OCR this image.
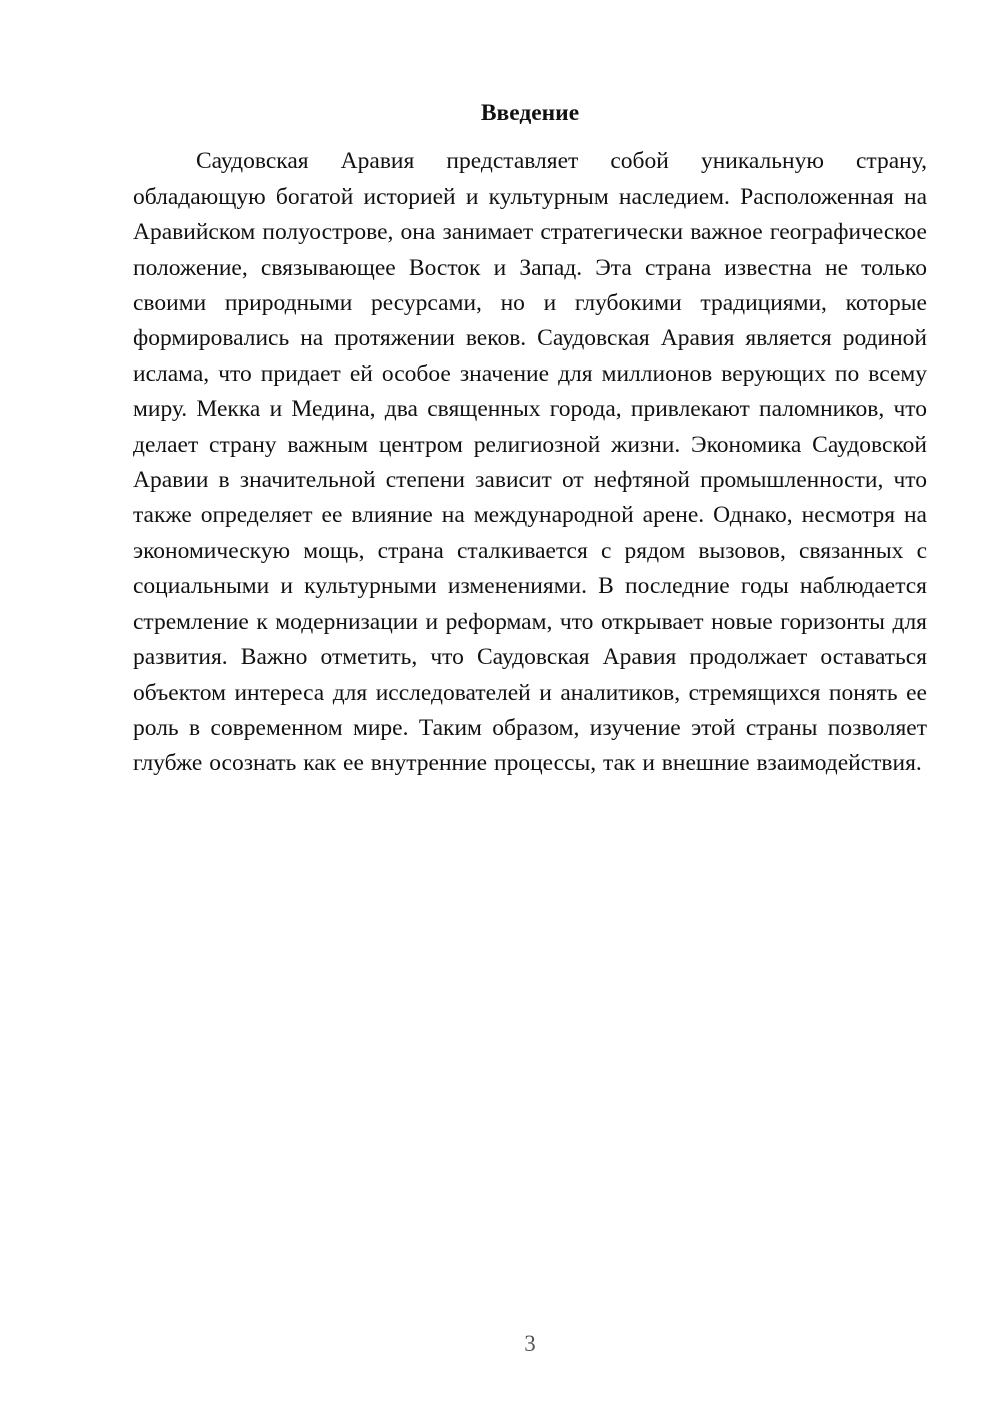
Введение

Саудовская Аравия представляет собой уникальную страну, обладающую богатой историей и культурным наследием. Расположенная на Аравийском полуострове, она занимает стратегически важное географическое положение, связывающее Восток и Запад. Эта страна известна не только своими природными ресурсами, но и глубокими традициями, которые формировались на протяжении веков. Саудовская Аравия является родиной ислама, что придает ей особое значение для миллионов верующих по всему миру. Мекка и Медина, два священных города, привлекают паломников, что делает страну важным центром религиозной жизни. Экономика Саудовской Аравии в значительной степени зависит от нефтяной промышленности, что также определяет ее влияние на международной арене. Однако, несмотря на экономическую мощь, страна сталкивается с рядом вызовов, связанных с социальными и культурными изменениями. В последние годы наблюдается стремление к модернизации и реформам, что открывает новые горизонты для развития. Важно отметить, что Саудовская Аравия продолжает оставаться объектом интереса для исследователей и аналитиков, стремящихся понять ее роль в современном мире. Таким образом, изучение этой страны позволяет глубже осознать как ее внутренние процессы, так и внешние взаимодействия.

3
